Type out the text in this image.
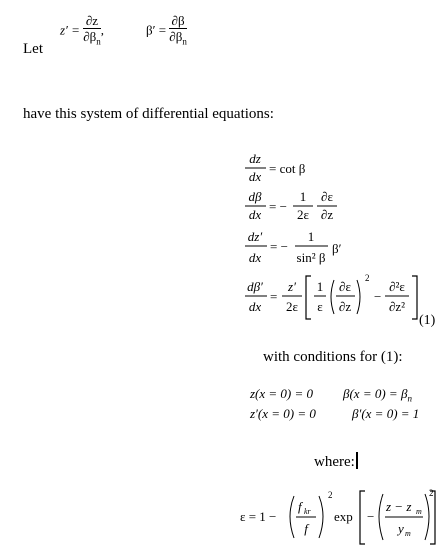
Let
$z' = \frac{\partial z}{\partial\beta_n}$ ,	$\beta' = \frac{\partial\beta}{\partial\beta_n}$
have this system of differential equations:
dz
dx
= cot β
dβ
dx
= −
1
2ε
∂ε
∂z
dz′
dx
= −
1
sin² β
β′
dβ′
dx
=
z′
2ε
1
ε
∂ε
∂z
2
−
∂²ε
∂z²
(1)
with conditions for (1):
z(x = 0) = 0 $\beta(x = 0) = \beta_n$
z′(x = 0) = 0	β′(x = 0) = 1
where:
ε = 1 −
f kr
f
2
exp −
z − z m
y m
2
